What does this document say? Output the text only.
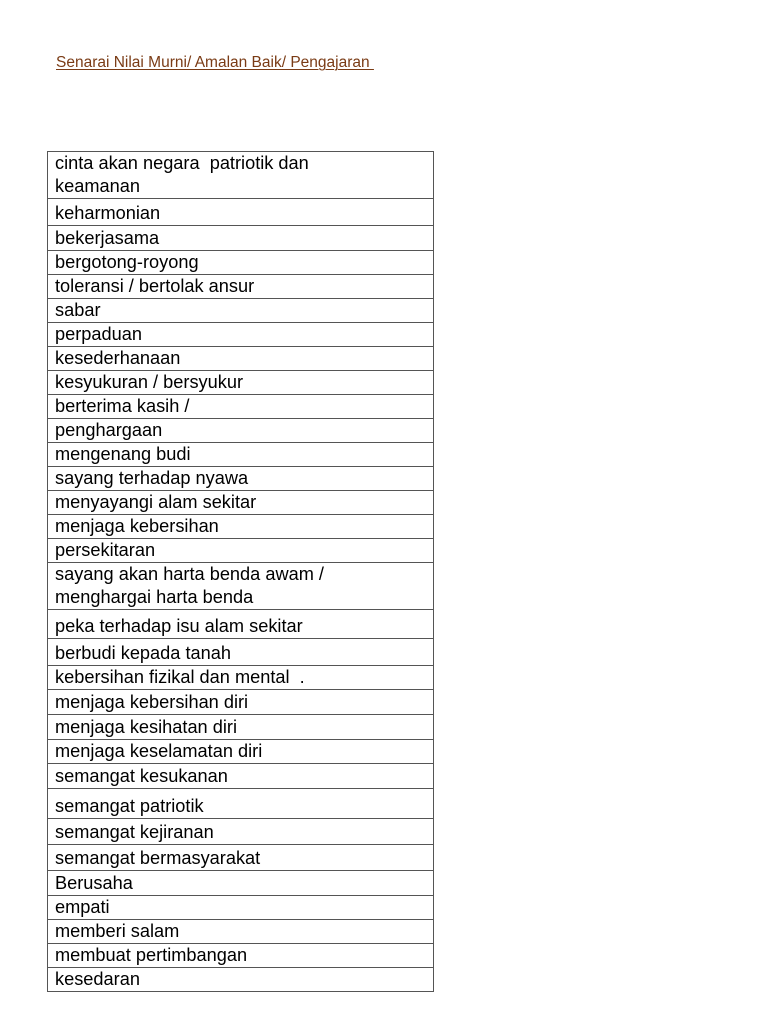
Senarai Nilai Murni/ Amalan Baik/ Pengajaran
cinta akan negara  patriotik dan
keamanan

keharmonian

bekerjasama

bergotong-royong

toleransi / bertolak ansur

sabar

perpaduan

kesederhanaan

kesyukuran / bersyukur

berterima kasih /

penghargaan

mengenang budi

sayang terhadap nyawa

menyayangi alam sekitar

menjaga kebersihan

persekitaran

sayang akan harta benda awam /
menghargai harta benda

peka terhadap isu alam sekitar

berbudi kepada tanah

kebersihan fizikal dan mental  .

menjaga kebersihan diri

menjaga kesihatan diri

menjaga keselamatan diri

semangat kesukanan

semangat patriotik

semangat kejiranan

semangat bermasyarakat

Berusaha

empati

memberi salam

membuat pertimbangan

kesedaran
